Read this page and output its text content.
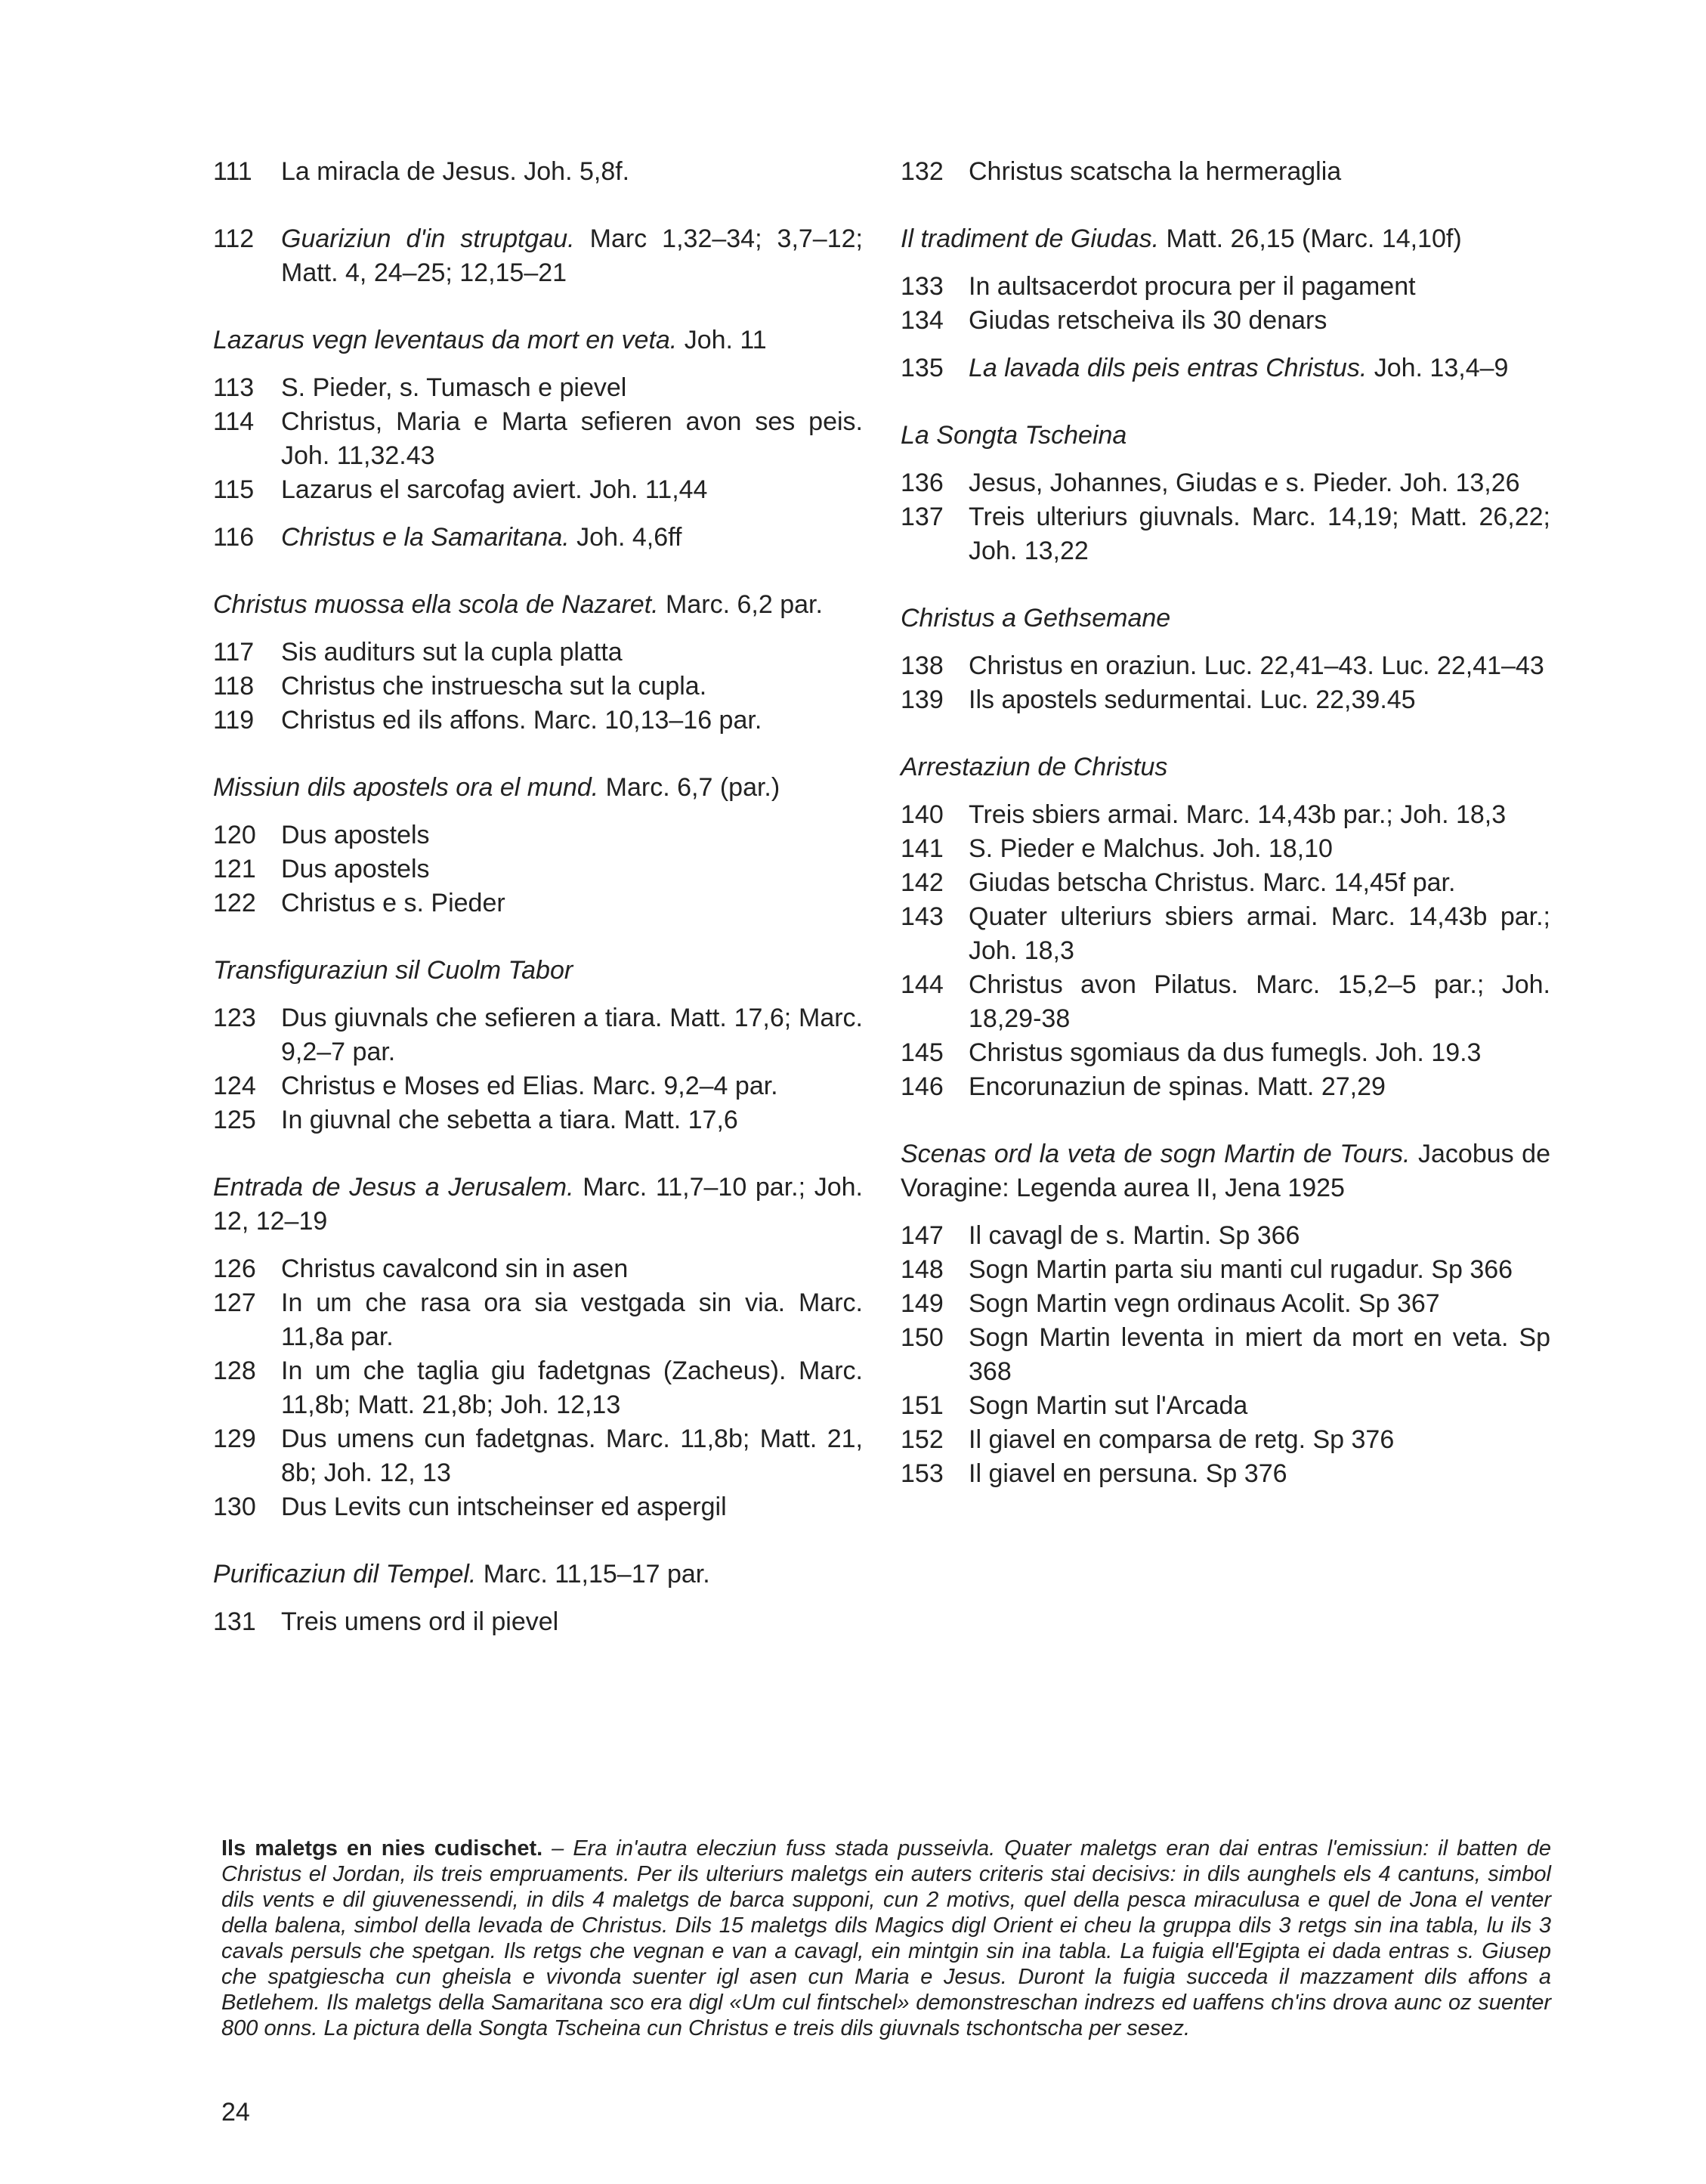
111	La miracla de Jesus. Joh. 5,8f.
112	Guariziun d'in struptgau. Marc 1,32–34; 3,7–12; Matt. 4, 24–25; 12,15–21

Lazarus vegn leventaus da mort en veta. Joh. 11

113	S. Pieder, s. Tumasch e pievel
114	Christus, Maria e Marta sefieren avon ses peis. Joh. 11,32.43
115	Lazarus el sarcofag aviert. Joh. 11,44
116	Christus e la Samaritana. Joh. 4,6ff

Christus muossa ella scola de Nazaret. Marc. 6,2 par.

117	Sis auditurs sut la cupla platta
118	Christus che instruescha sut la cupla.
119	Christus ed ils affons. Marc. 10,13–16 par.

Missiun dils apostels ora el mund. Marc. 6,7 (par.)

120 Dus apostels
121 Dus apostels
122 Christus e s. Pieder

Transfiguraziun sil Cuolm Tabor

123 Dus giuvnals che sefieren a tiara. Matt. 17,6; Marc. 9,2–7 par.
124 Christus e Moses ed Elias. Marc. 9,2–4 par.
125 In giuvnal che sebetta a tiara. Matt. 17,6

Entrada de Jesus a Jerusalem. Marc. 11,7–10 par.; Joh. 12, 12–19

126 Christus cavalcond sin in asen
127 In um che rasa ora sia vestgada sin via. Marc. 11,8a par.
128 In um che taglia giu fadetgnas (Zacheus). Marc. 11,8b; Matt. 21,8b; Joh. 12,13
129 Dus umens cun fadetgnas. Marc. 11,8b; Matt. 21, 8b; Joh. 12, 13
130 Dus Levits cun intscheinser ed aspergil

Purificaziun dil Tempel. Marc. 11,15–17 par.

131 Treis umens ord il pievel
132 Christus scatscha la hermeraglia

Il tradiment de Giudas. Matt. 26,15 (Marc. 14,10f)

133 In aultsacerdot procura per il pagament
134 Giudas retscheiva ils 30 denars
135 La lavada dils peis entras Christus. Joh. 13,4–9

La Songta Tscheina

136 Jesus, Johannes, Giudas e s. Pieder. Joh. 13,26
137 Treis ulteriurs giuvnals. Marc. 14,19; Matt. 26,22; Joh. 13,22

Christus a Gethsemane

138 Christus en oraziun. Luc. 22,41–43. Luc. 22,41–43
139 Ils apostels sedurmentai. Luc. 22,39.45

Arrestaziun de Christus

140 Treis sbiers armai. Marc. 14,43b par.; Joh. 18,3
141 S. Pieder e Malchus. Joh. 18,10
142 Giudas betscha Christus. Marc. 14,45f par.
143 Quater ulteriurs sbiers armai. Marc. 14,43b par.; Joh. 18,3
144 Christus avon Pilatus. Marc. 15,2–5 par.; Joh. 18,29-38
145 Christus sgomiaus da dus fumegls. Joh. 19.3
146 Encorunaziun de spinas. Matt. 27,29

Scenas ord la veta de sogn Martin de Tours. Jacobus de Voragine: Legenda aurea II, Jena 1925

147 Il cavagl de s. Martin. Sp 366
148 Sogn Martin parta siu manti cul rugadur. Sp 366
149 Sogn Martin vegn ordinaus Acolit. Sp 367
150 Sogn Martin leventa in miert da mort en veta. Sp 368
151 Sogn Martin sut l'Arcada
152 Il giavel en comparsa de retg. Sp 376
153 Il giavel en persuna. Sp 376

Ils maletgs en nies cudischet. – Era in'autra elecziun fuss stada pusseivla. Quater maletgs eran dai entras l'emissiun: il batten de Christus el Jordan, ils treis empruaments. Per ils ulteriurs maletgs ein auters criteris stai decisivs: in dils aunghels els 4 cantuns, simbol dils vents e dil giuvenessendi, in dils 4 maletgs de barca supponi, cun 2 motivs, quel della pesca miraculusa e quel de Jona el venter della balena, simbol della levada de Christus. Dils 15 maletgs dils Magics digl Orient ei cheu la gruppa dils 3 retgs sin ina tabla, lu ils 3 cavals persuls che spetgan. Ils retgs che vegnan e van a cavagl, ein mintgin sin ina tabla. La fuigia ell'Egipta ei dada entras s. Giusep che spatgiescha cun gheisla e vivonda suenter igl asen cun Maria e Jesus. Duront la fuigia succeda il mazzament dils affons a Betlehem. Ils maletgs della Samaritana sco era digl «Um cul fintschel» demonstreschan indrezs ed uaffens ch'ins drova aunc oz suenter 800 onns. La pictura della Songta Tscheina cun Christus e treis dils giuvnals tschontscha per sesez.

24
